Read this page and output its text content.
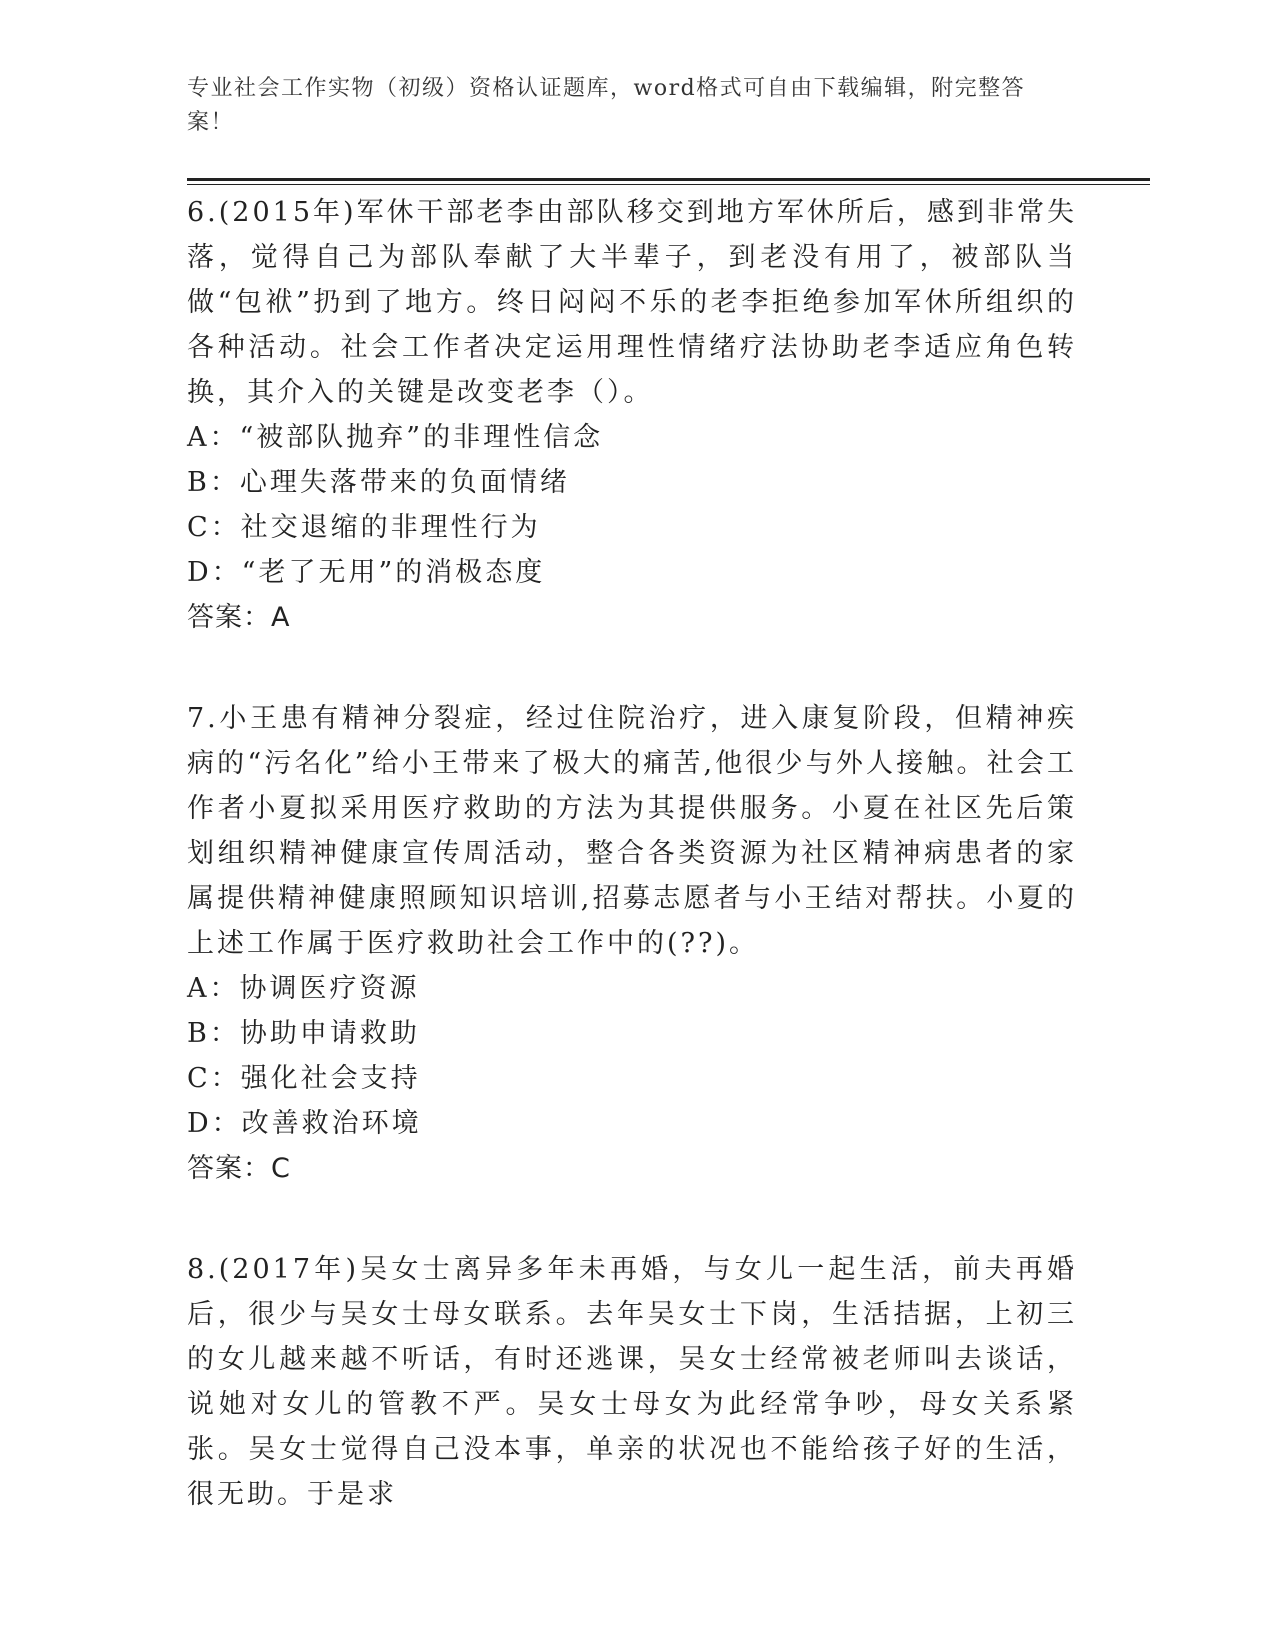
专业社会工作实物（初级）资格认证题库，word格式可自由下载编辑，附完整答案！

6.(2015年)军休干部老李由部队移交到地方军休所后，感到非常失落，觉得自己为部队奉献了大半辈子，到老没有用了，被部队当做“包袱”扔到了地方。终日闷闷不乐的老李拒绝参加军休所组织的各种活动。社会工作者决定运用理性情绪疗法协助老李适应角色转换，其介入的关键是改变老李（）。

A：“被部队抛弃”的非理性信念

B：心理失落带来的负面情绪

C：社交退缩的非理性行为

D：“老了无用”的消极态度

答案：A

7.小王患有精神分裂症，经过住院治疗，进入康复阶段，但精神疾病的“污名化”给小王带来了极大的痛苦,他很少与外人接触。社会工作者小夏拟采用医疗救助的方法为其提供服务。小夏在社区先后策划组织精神健康宣传周活动，整合各类资源为社区精神病患者的家属提供精神健康照顾知识培训,招募志愿者与小王结对帮扶。小夏的上述工作属于医疗救助社会工作中的(??)。

A：协调医疗资源

B：协助申请救助

C：强化社会支持

D：改善救治环境

答案：C

8.(2017年)吴女士离异多年未再婚，与女儿一起生活，前夫再婚后，很少与吴女士母女联系。去年吴女士下岗，生活拮据，上初三的女儿越来越不听话，有时还逃课，吴女士经常被老师叫去谈话，说她对女儿的管教不严。吴女士母女为此经常争吵，母女关系紧张。吴女士觉得自己没本事，单亲的状况也不能给孩子好的生活，很无助。于是求
